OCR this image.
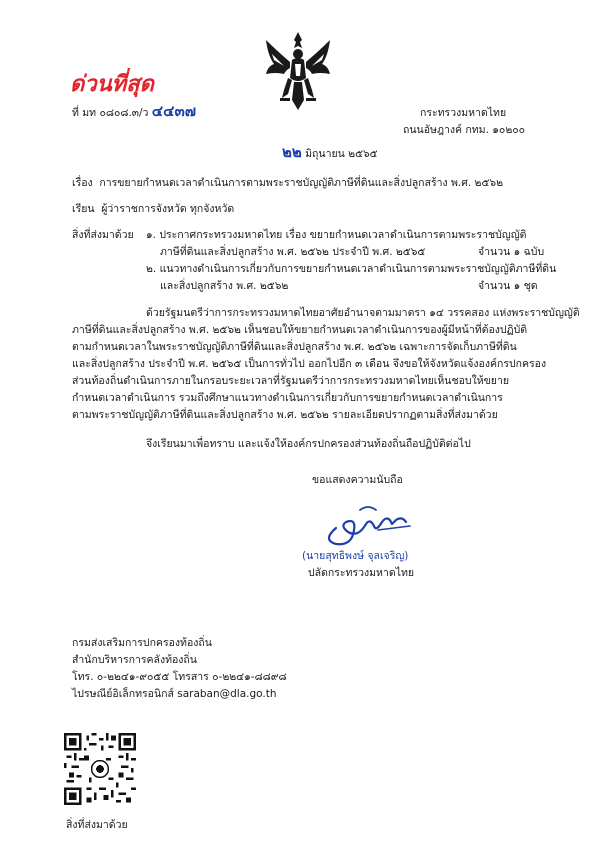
ด่วนที่สุด
ที่ มท ๐๘๐๘.๓/ว ๔๔๓๗	กระทรวงมหาดไทย
ถนนอัษฎางค์ กทม. ๑๐๒๐๐
๒๒ มิถุนายน ๒๕๖๕
เรื่อง การขยายกำหนดเวลาดำเนินการตามพระราชบัญญัติภาษีที่ดินและสิ่งปลูกสร้าง พ.ศ. ๒๕๖๒
เรียน ผู้ว่าราชการจังหวัด ทุกจังหวัด
สิ่งที่ส่งมาด้วย ๑. ประกาศกระทรวงมหาดไทย เรื่อง ขยายกำหนดเวลาดำเนินการตามพระราชบัญญัติ
ภาษีที่ดินและสิ่งปลูกสร้าง พ.ศ. ๒๕๖๒ ประจำปี พ.ศ. ๒๕๖๕	จำนวน ๑ ฉบับ
๒. แนวทางดำเนินการเกี่ยวกับการขยายกำหนดเวลาดำเนินการตามพระราชบัญญัติภาษีที่ดิน
และสิ่งปลูกสร้าง พ.ศ. ๒๕๖๒	จำนวน ๑ ชุด
ด้วยรัฐมนตรีว่าการกระทรวงมหาดไทยอาศัยอำนาจตามมาตรา ๑๔ วรรคสอง แห่งพระราชบัญญัติ
ภาษีที่ดินและสิ่งปลูกสร้าง พ.ศ. ๒๕๖๒ เห็นชอบให้ขยายกำหนดเวลาดำเนินการของผู้มีหน้าที่ต้องปฏิบัติ
ตามกำหนดเวลาในพระราชบัญญัติภาษีที่ดินและสิ่งปลูกสร้าง พ.ศ. ๒๕๖๒ เฉพาะการจัดเก็บภาษีที่ดิน
และสิ่งปลูกสร้าง ประจำปี พ.ศ. ๒๕๖๕ เป็นการทั่วไป ออกไปอีก ๓ เดือน จึงขอให้จังหวัดแจ้งองค์กรปกครอง
ส่วนท้องถิ่นดำเนินการภายในกรอบระยะเวลาที่รัฐมนตรีว่าการกระทรวงมหาดไทยเห็นชอบให้ขยาย
กำหนดเวลาดำเนินการ รวมถึงศึกษาแนวทางดำเนินการเกี่ยวกับการขยายกำหนดเวลาดำเนินการ
ตามพระราชบัญญัติภาษีที่ดินและสิ่งปลูกสร้าง พ.ศ. ๒๕๖๒ รายละเอียดปรากฏตามสิ่งที่ส่งมาด้วย
จึงเรียนมาเพื่อทราบ และแจ้งให้องค์กรปกครองส่วนท้องถิ่นถือปฏิบัติต่อไป
ขอแสดงความนับถือ
(นายสุทธิพงษ์ จุลเจริญ)
ปลัดกระทรวงมหาดไทย
กรมส่งเสริมการปกครองท้องถิ่น
สำนักบริหารการคลังท้องถิ่น
โทร. ๐-๒๒๔๑-๙๐๕๕ โทรสาร ๐-๒๒๔๑-๘๘๙๘
ไปรษณีย์อิเล็กทรอนิกส์ saraban@dla.go.th
สิ่งที่ส่งมาด้วย
